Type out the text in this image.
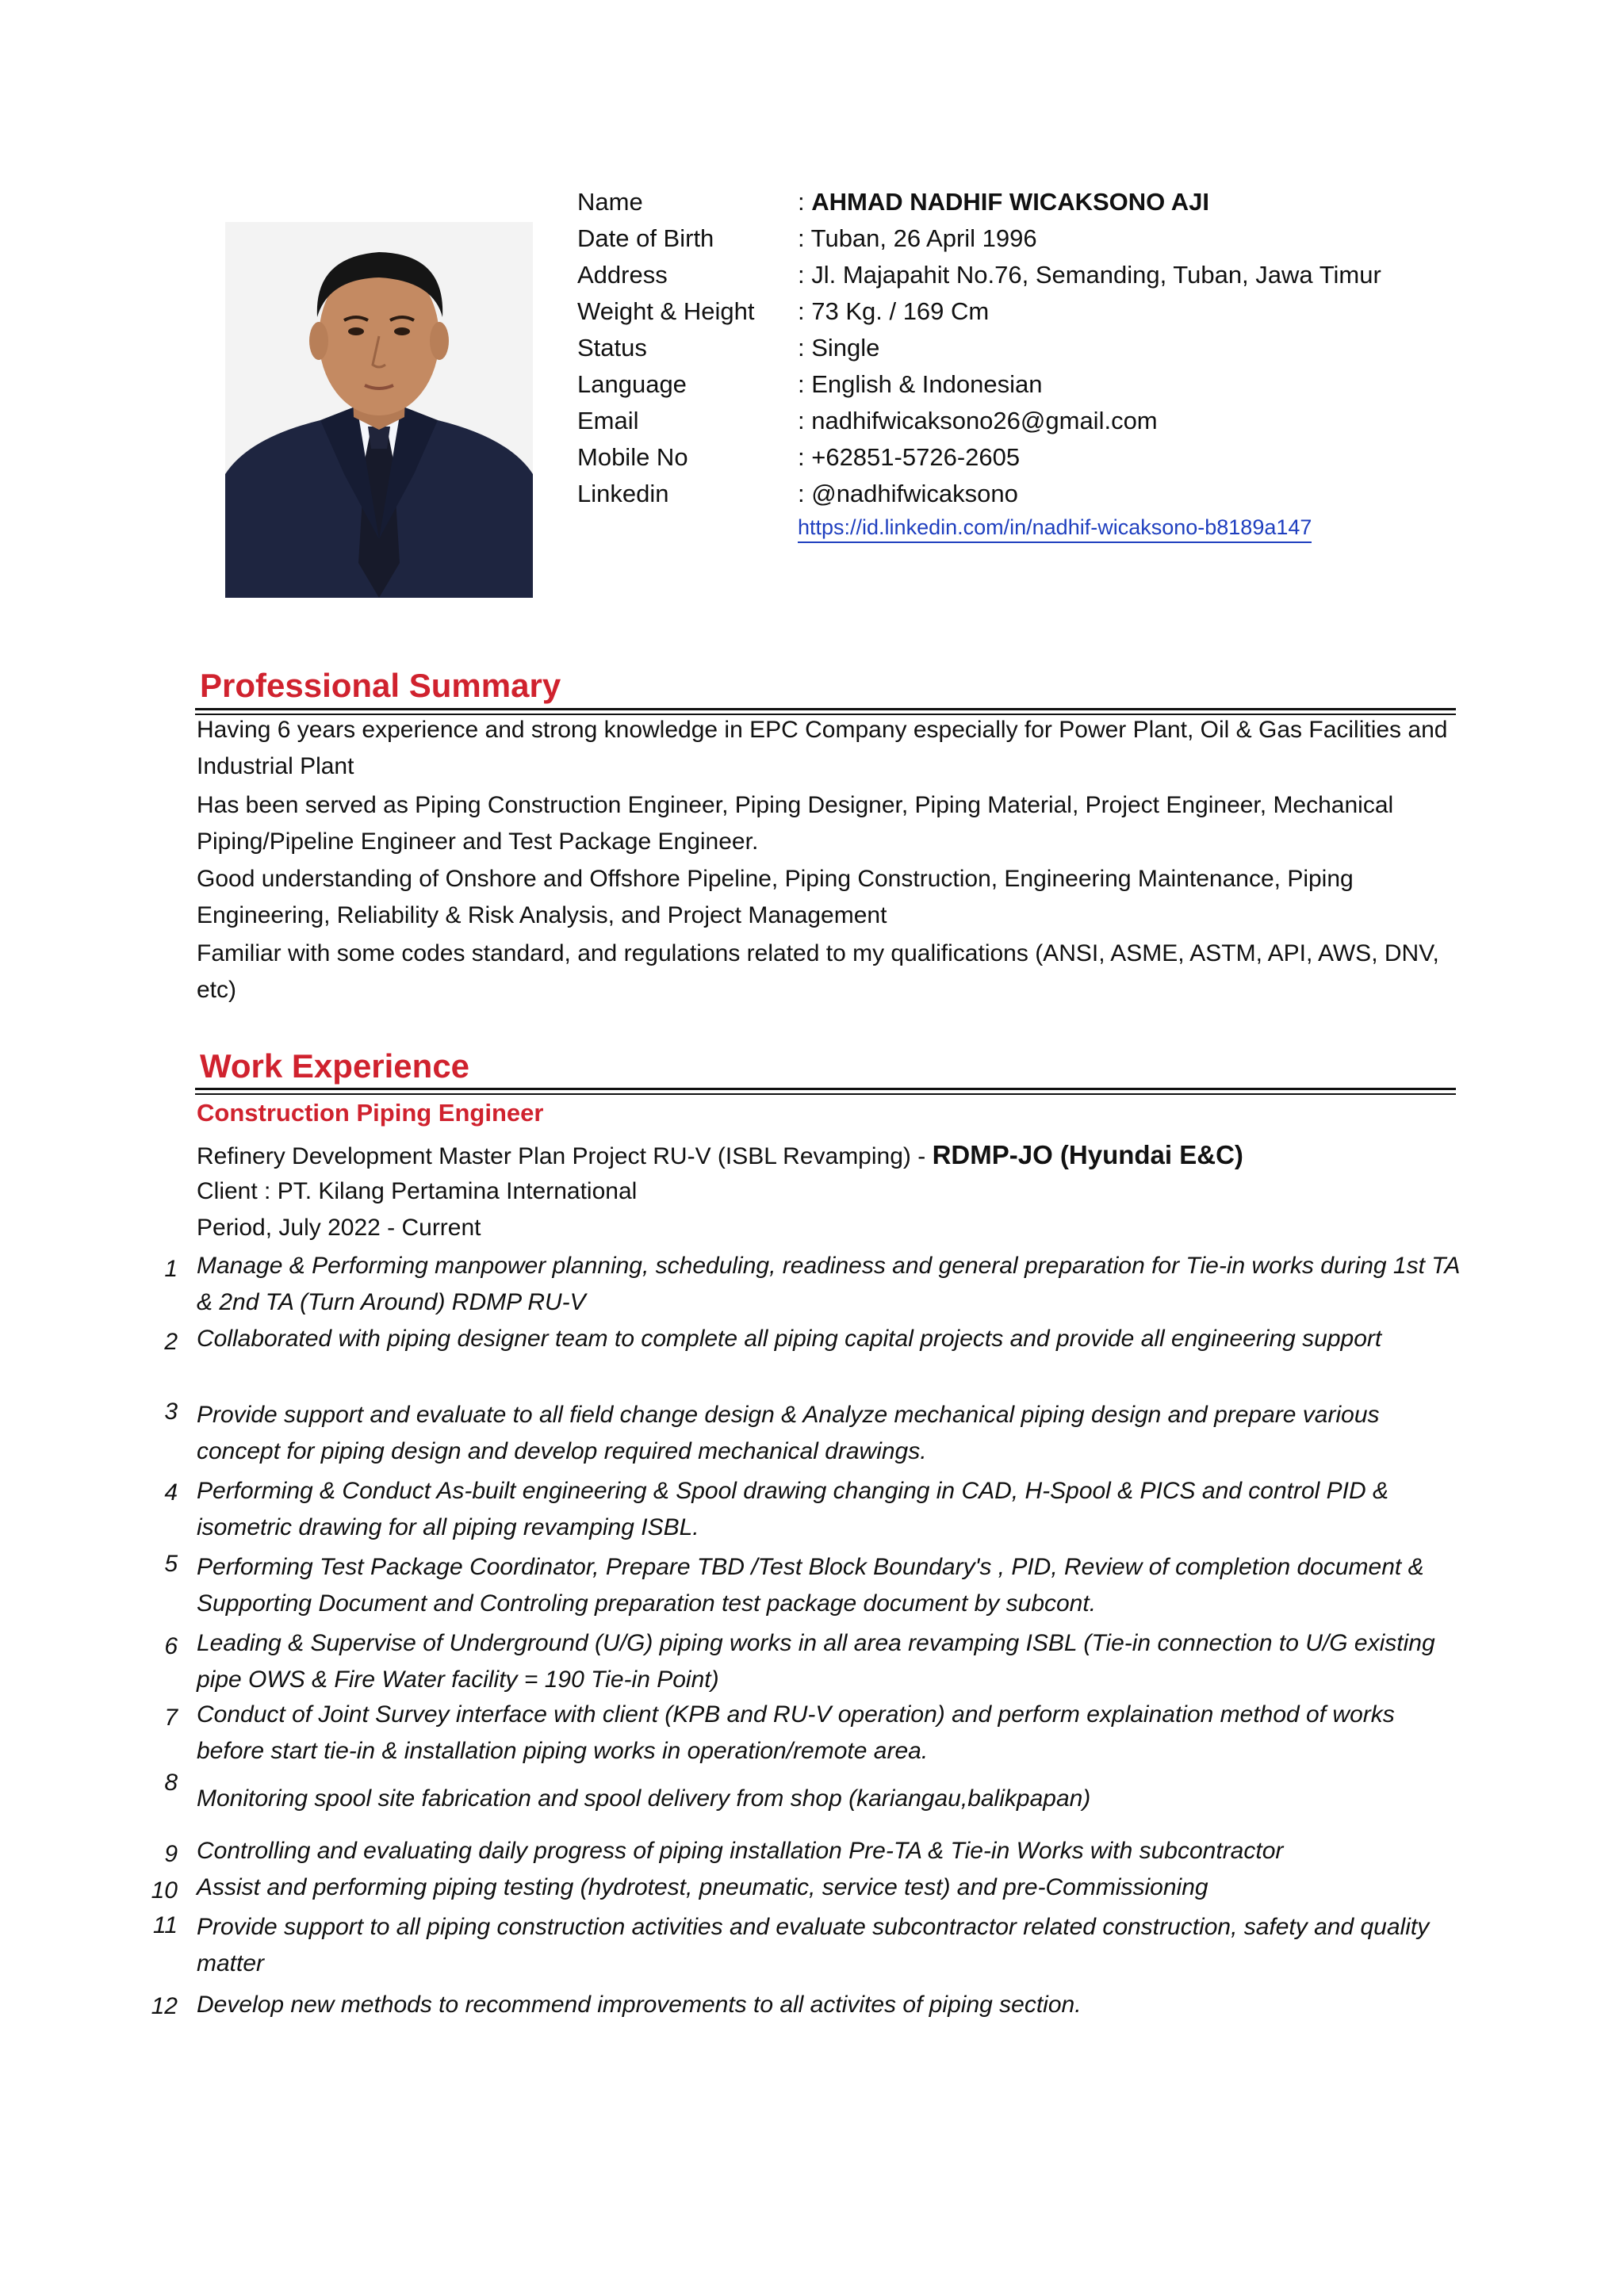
Name	: AHMAD NADHIF WICAKSONO AJI
Date of Birth	: Tuban, 26 April 1996
Address	: Jl. Majapahit No.76, Semanding, Tuban, Jawa Timur
Weight & Height : 73 Kg. / 169 Cm
Status	: Single
Language	: English & Indonesian
Email	: nadhifwicaksono26@gmail.com
Mobile No	: +62851-5726-2605
Linkedin	: @nadhifwicaksono
https://id.linkedin.com/in/nadhif-wicaksono-b8189a147
Professional Summary
Having 6 years experience and strong knowledge in EPC Company especially for Power Plant, Oil & Gas Facilities and Industrial Plant
Has been served as Piping Construction Engineer, Piping Designer, Piping Material, Project Engineer, Mechanical Piping/Pipeline Engineer and Test Package Engineer.
Good understanding of Onshore and Offshore Pipeline, Piping Construction, Engineering Maintenance, Piping Engineering, Reliability & Risk Analysis, and Project Management
Familiar with some codes standard, and regulations related to my qualifications (ANSI, ASME, ASTM, API, AWS, DNV, etc)
Work Experience
Construction Piping Engineer
Refinery Development Master Plan Project RU-V (ISBL Revamping) - RDMP-JO (Hyundai E&C)
Client : PT. Kilang Pertamina International
Period, July 2022 - Current
1 Manage & Performing manpower planning, scheduling, readiness and general preparation for Tie-in works during 1st TA & 2nd TA (Turn Around) RDMP RU-V
2 Collaborated with piping designer team to complete all piping capital projects and provide all engineering support
3 Provide support and evaluate to all field change design & Analyze mechanical piping design and prepare various concept for piping design and develop required mechanical drawings.
4 Performing & Conduct As-built engineering & Spool drawing changing in CAD, H-Spool & PICS and control PID & isometric drawing for all piping revamping ISBL.
5 Performing Test Package Coordinator, Prepare TBD /Test Block Boundary's , PID, Review of completion document & Supporting Document and Controling preparation test package document by subcont.
6 Leading & Supervise of Underground (U/G) piping works in all area revamping ISBL (Tie-in connection to U/G existing pipe OWS & Fire Water facility = 190 Tie-in Point)
7 Conduct of Joint Survey interface with client (KPB and RU-V operation) and perform explaination method of works before start tie-in & installation piping works in operation/remote area.
8
Monitoring spool site fabrication and spool delivery from shop (kariangau,balikpapan)
9 Controlling and evaluating daily progress of piping installation Pre-TA & Tie-in Works with subcontractor
10 Assist and performing piping testing (hydrotest, pneumatic, service test) and pre-Commissioning
11 Provide support to all piping construction activities and evaluate subcontractor related construction, safety and quality matter
12 Develop new methods to recommend improvements to all activites of piping section.
